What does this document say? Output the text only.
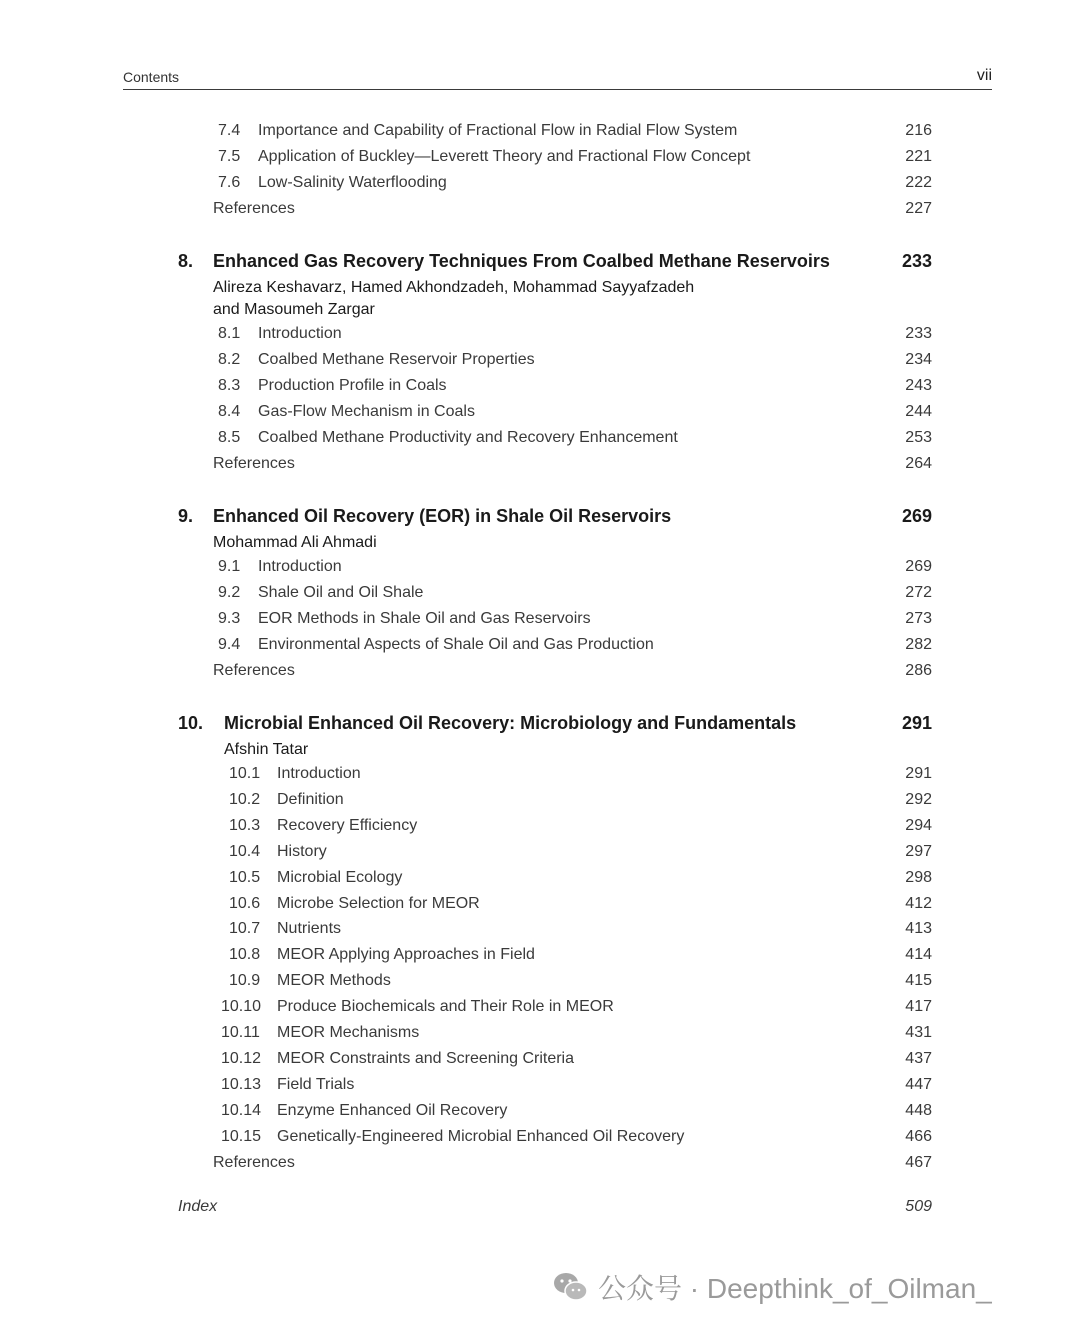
Contents	vii
7.4 Importance and Capability of Fractional Flow in Radial Flow System	216
7.5 Application of Buckley—Leverett Theory and Fractional Flow Concept	221
7.6 Low-Salinity Waterflooding	222
References	227
8. Enhanced Gas Recovery Techniques From Coalbed Methane Reservoirs	233
Alireza Keshavarz, Hamed Akhondzadeh, Mohammad Sayyafzadeh
and Masoumeh Zargar
8.1 Introduction	233
8.2 Coalbed Methane Reservoir Properties	234
8.3 Production Profile in Coals	243
8.4 Gas-Flow Mechanism in Coals	244
8.5 Coalbed Methane Productivity and Recovery Enhancement	253
References	264
9. Enhanced Oil Recovery (EOR) in Shale Oil Reservoirs	269
Mohammad Ali Ahmadi
9.1 Introduction	269
9.2 Shale Oil and Oil Shale	272
9.3 EOR Methods in Shale Oil and Gas Reservoirs	273
9.4 Environmental Aspects of Shale Oil and Gas Production	282
References	286
10. Microbial Enhanced Oil Recovery: Microbiology and Fundamentals	291
Afshin Tatar
10.1 Introduction	291
10.2 Definition	292
10.3 Recovery Efficiency	294
10.4 History	297
10.5 Microbial Ecology	298
10.6 Microbe Selection for MEOR	412
10.7 Nutrients	413
10.8 MEOR Applying Approaches in Field	414
10.9 MEOR Methods	415
10.10 Produce Biochemicals and Their Role in MEOR	417
10.11 MEOR Mechanisms	431
10.12 MEOR Constraints and Screening Criteria	437
10.13 Field Trials	447
10.14 Enzyme Enhanced Oil Recovery	448
10.15 Genetically-Engineered Microbial Enhanced Oil Recovery	466
References	467
Index	509
公众号 · Deepthink_of_Oilman_
